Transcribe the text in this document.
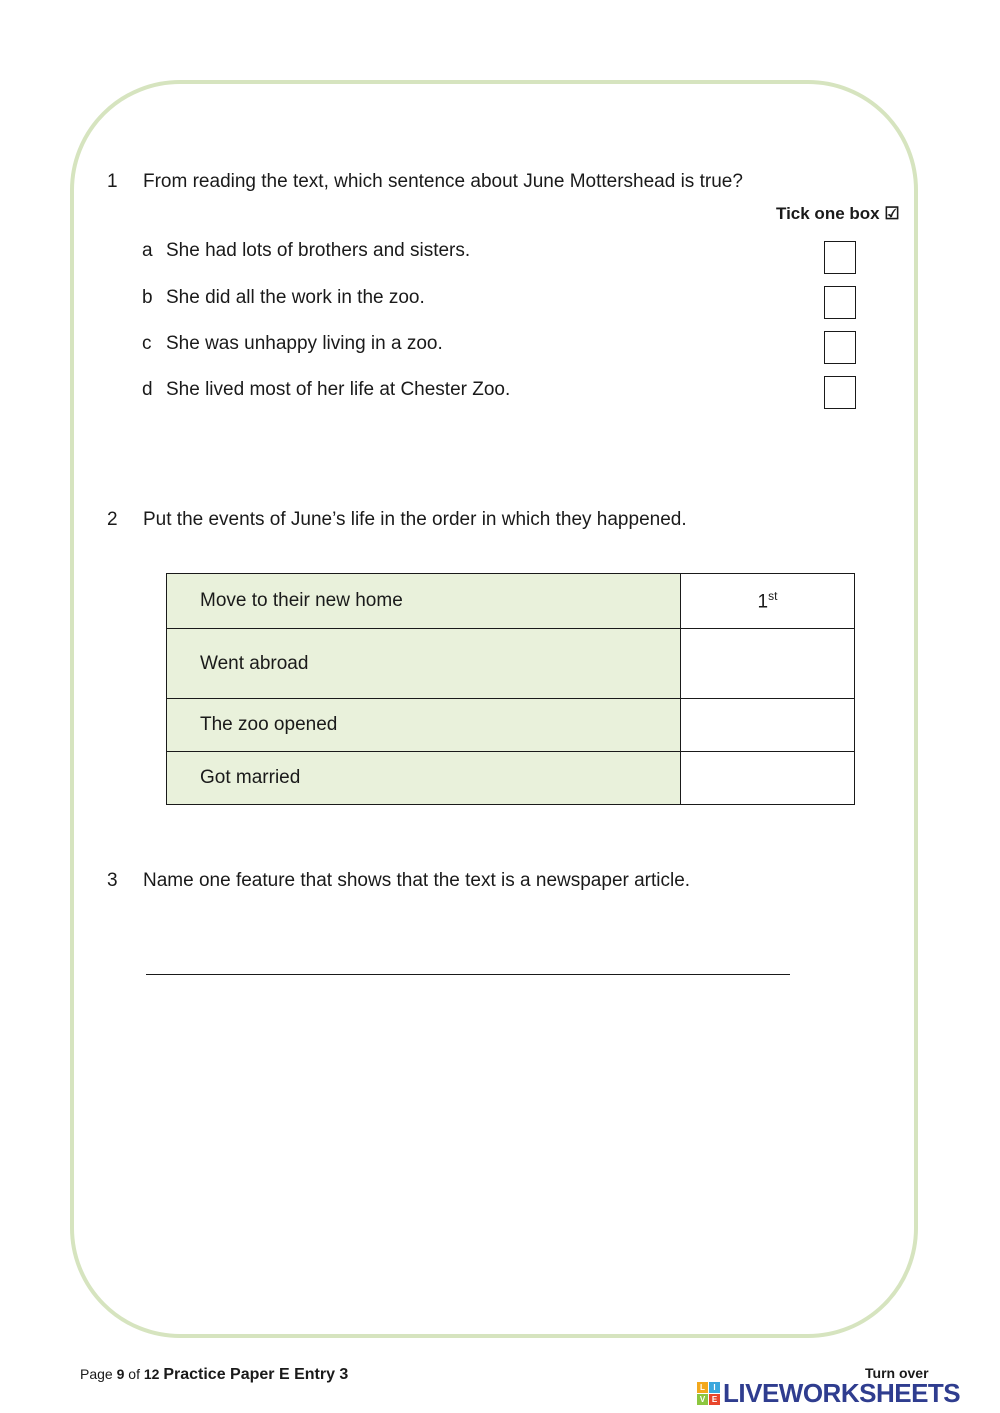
1 From reading the text, which sentence about June Mottershead is true?
Tick one box ☑
a She had lots of brothers and sisters.
b She did all the work in the zoo.
c She was unhappy living in a zoo.
d She lived most of her life at Chester Zoo.
2 Put the events of June’s life in the order in which they happened.
Move to their new home	1st
Went abroad	
The zoo opened	
Got married	
3 Name one feature that shows that the text is a newspaper article.
Page 9 of 12 Practice Paper E Entry 3	Turn over
L	I
V E LIVEWORKSHEETS
